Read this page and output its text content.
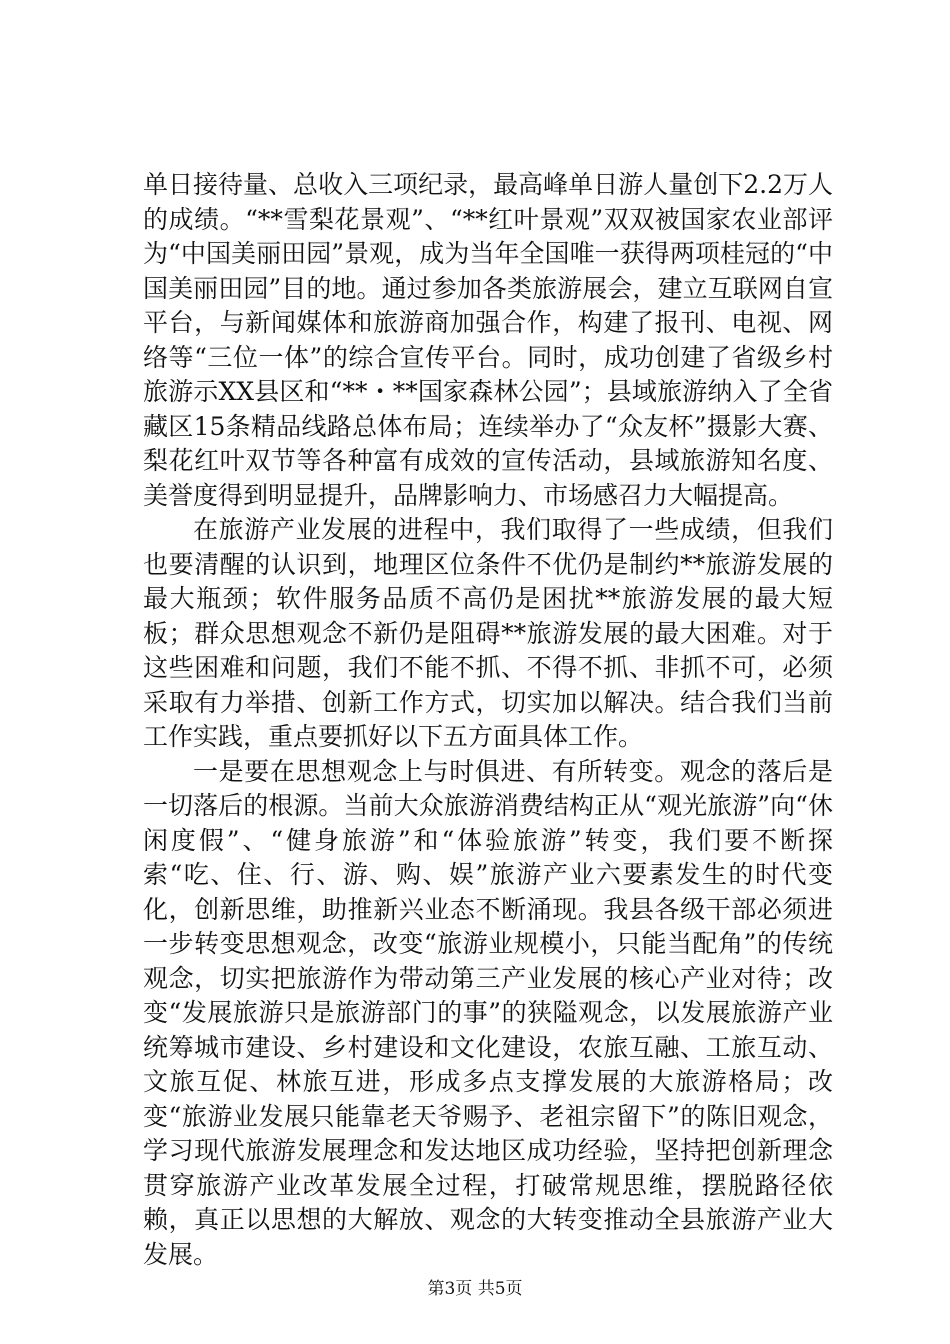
单日接待量、总收入三项纪录，最高峰单日游人量创下2.2万人的成绩。“**雪梨花景观”、“**红叶景观”双双被国家农业部评为“中国美丽田园”景观，成为当年全国唯一获得两项桂冠的“中国美丽田园”目的地。通过参加各类旅游展会，建立互联网自宣平台，与新闻媒体和旅游商加强合作，构建了报刊、电视、网络等“三位一体”的综合宣传平台。同时，成功创建了省级乡村旅游示XX县区和“**・**国家森林公园”；县域旅游纳入了全省藏区15条精品线路总体布局；连续举办了“众友杯”摄影大赛、梨花红叶双节等各种富有成效的宣传活动，县域旅游知名度、美誉度得到明显提升，品牌影响力、市场感召力大幅提高。

在旅游产业发展的进程中，我们取得了一些成绩，但我们也要清醒的认识到，地理区位条件不优仍是制约**旅游发展的最大瓶颈；软件服务品质不高仍是困扰**旅游发展的最大短板；群众思想观念不新仍是阻碍**旅游发展的最大困难。对于这些困难和问题，我们不能不抓、不得不抓、非抓不可，必须采取有力举措、创新工作方式，切实加以解决。结合我们当前工作实践，重点要抓好以下五方面具体工作。

一是要在思想观念上与时俱进、有所转变。观念的落后是一切落后的根源。当前大众旅游消费结构正从“观光旅游”向“休闲度假”、“健身旅游”和“体验旅游”转变，我们要不断探索“吃、住、行、游、购、娱”旅游产业六要素发生的时代变化，创新思维，助推新兴业态不断涌现。我县各级干部必须进一步转变思想观念，改变“旅游业规模小，只能当配角”的传统观念，切实把旅游作为带动第三产业发展的核心产业对待；改变“发展旅游只是旅游部门的事”的狭隘观念，以发展旅游产业统筹城市建设、乡村建设和文化建设，农旅互融、工旅互动、文旅互促、林旅互进，形成多点支撑发展的大旅游格局；改变“旅游业发展只能靠老天爷赐予、老祖宗留下”的陈旧观念，学习现代旅游发展理念和发达地区成功经验，坚持把创新理念贯穿旅游产业改革发展全过程，打破常规思维，摆脱路径依赖，真正以思想的大解放、观念的大转变推动全县旅游产业大发展。

第3页 共5页
